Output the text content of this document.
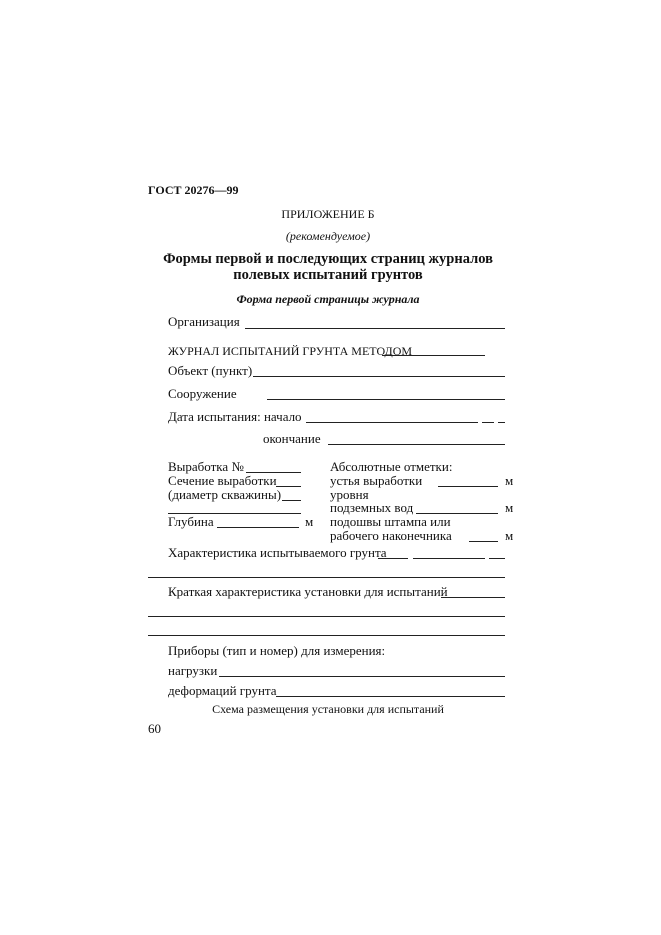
ГОСТ 20276—99
ПРИЛОЖЕНИЕ Б
(рекомендуемое)
Формы первой и последующих страниц журналов
полевых испытаний грунтов
Форма первой страницы журнала
Организация
ЖУРНАЛ ИСПЫТАНИЙ ГРУНТА МЕТОДОМ
Объект (пункт)
Сооружение
Дата испытания: начало
окончание
Выработка №
Сечение выработки
(диаметр скважины)
Глубина	м
Абсолютные отметки:
устья выработки	м
уровня
подземных вод	м
подошвы штампа или
рабочего наконечника	м
Характеристика испытываемого грунта
Краткая характеристика установки для испытаний
Приборы (тип и номер) для измерения:
нагрузки
деформаций грунта
Схема размещения установки для испытаний
60
